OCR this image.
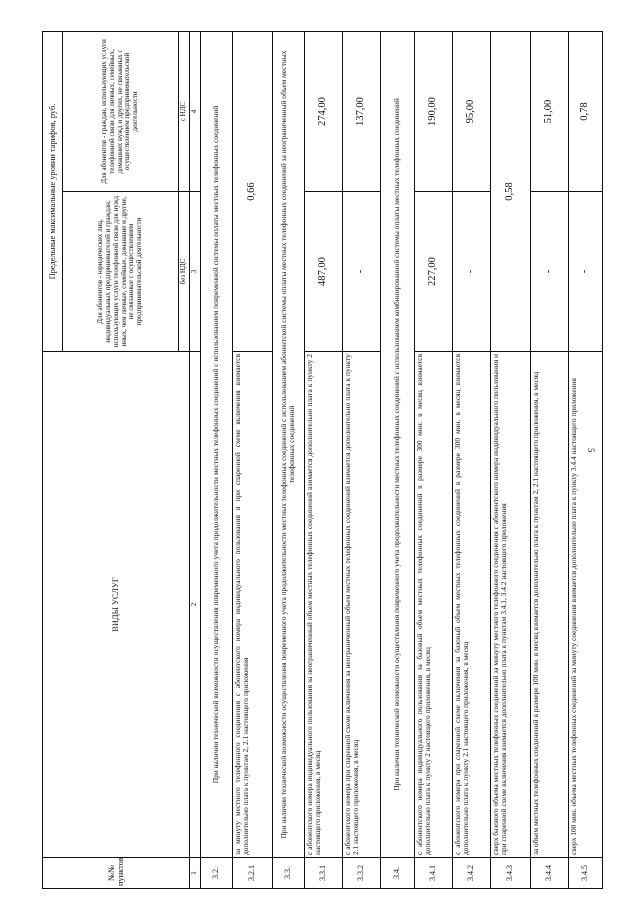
5
№№ пунктов	ВИДЫ УСЛУГ	Предельные максимальные уровни тарифов, руб.	
		Для абонентов - юридических лиц, индивидуальных предпринимателей и граждан, использующих услуги телефонной связи для нужд иных, чем личные, семейные, домашние и другие, не связанные с осуществлением предпринимательской деятельности	Для абонентов - граждан, использующих услуги телефонной связи для личных, семейных, домашних нужд и других, не связанных с осуществлением предпринимательской деятельности
		без НДС	с НДС
1	2	3	4
3.2.	При наличии технической возможности осуществления повременного учета продолжительности местных телефонных соединений с использованием повременной системы оплаты местных телефонных соединений		
3.2.1	за минуту местного телефонного соединения с абонентского номера индивидуального пользования и при спаренной схеме включения взимается дополнительно плата к пунктам 2, 2.1 настоящего приложения	0,66	
3.3.	При наличии технической возможности осуществления повременного учета продолжительности местных телефонных соединений с использованием абонентской системы оплаты местных телефонных соединений за неограниченный объем местных телефонных соединений		
3.3.1	с абонентского номера индивидуального пользования за неограниченный объем местных телефонных соединений взимается дополнительно плата к пункту 2 настоящего приложения, в месяц	487,00	274,00
3.3.2	с абонентского номера при спаренной схеме включения за неограниченный объем местных телефонных соединений взимается дополнительно плата к пункту 2.1 настоящего приложения, в месяц	-	137,00
3.4.	При наличии технической возможности осуществления повременного учета продолжительности местных телефонных соединений с использованием комбинированной системы оплаты местных телефонных соединений		
3.4.1	с абонентского номера индивидуального пользования за базовый объем местных телефонных соединений в размере 300 мин. в месяц взимается дополнительно плата к пункту 2 настоящего приложения, в месяц	227,00	190,00
3.4.2	с абонентского номера при спаренной схеме включения за базовый объем местных телефонных соединений в размере 300 мин. в месяц взимается дополнительно плата к пункту 2.1 настоящего приложения, в месяц	-	95,00
3.4.3	сверх базового объема местных телефонных соединений за минуту местного телефонного соединения с абонентского номера индивидуального пользования и при спаренной схеме включения взимается дополнительно плата к пунктам 3.4.1, 3.4.2 настоящего приложения	0,58	
3.4.4	за объем местных телефонных соединений в размере 100 мин. в месяц взимается дополнительно плата к пунктам 2, 2.1 настоящего приложения, в месяц	-	51,00
3.4.5	сверх 100 мин. объема местных телефонных соединений за минуту соединения взимается дополнительно плата к пункту 3.4.4 настоящего приложения	-	0,78
